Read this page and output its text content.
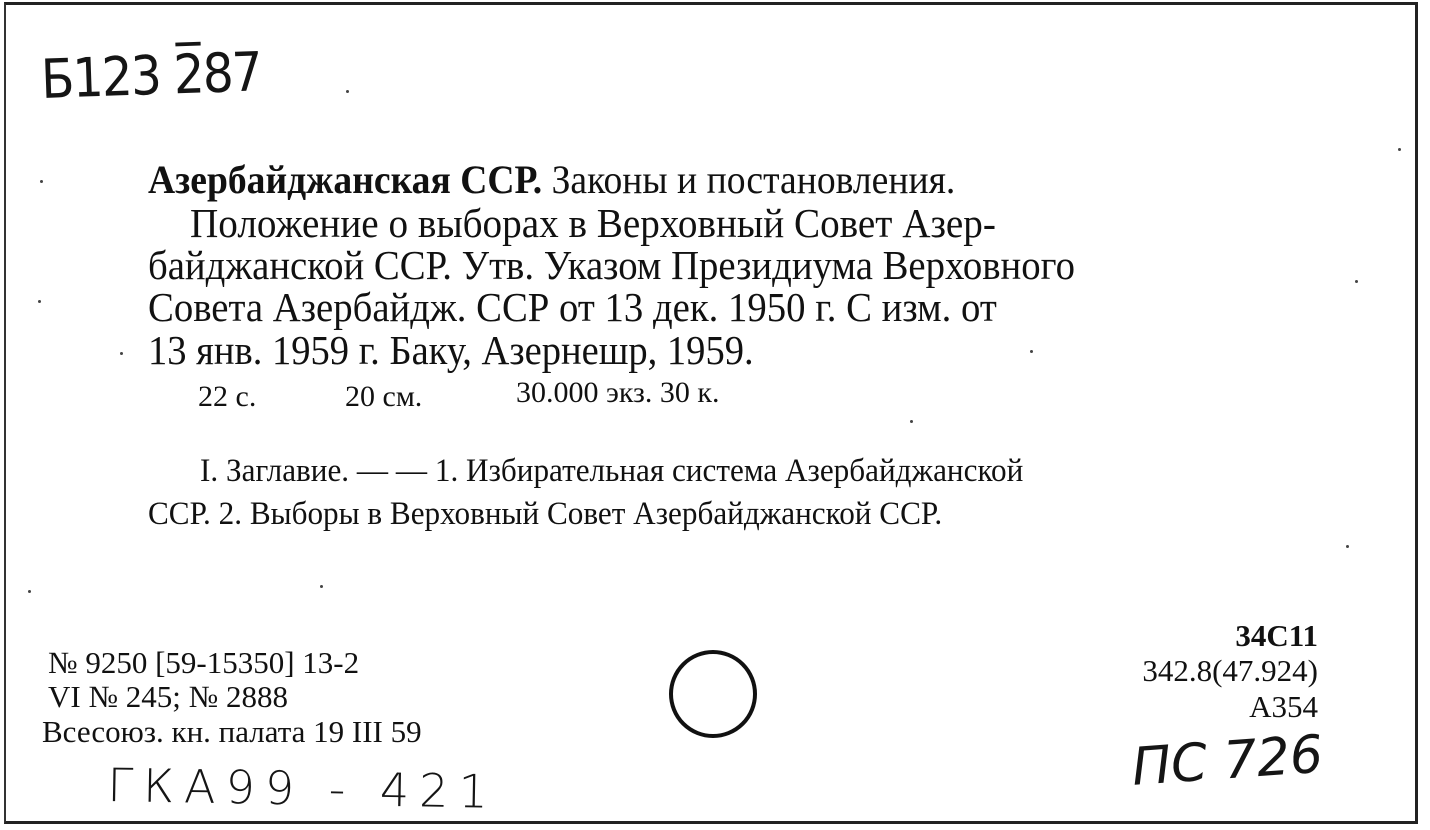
Б123 2̅87
Азербайджанская ССР. Законы и постановления.
Положение о выборах в Верховный Совет Азер-
байджанской ССР. Утв. Указом Президиума Верховного
Совета Азербайдж. ССР от 13 дек. 1950 г. С изм. от
13 янв. 1959 г. Баку, Азернешр, 1959.
22 с.	20 см.	30.000 экз. 30 к.
I. Заглавие. — — 1. Избирательная система Азербайджанской
ССР. 2. Выборы в Верховный Совет Азербайджанской ССР.
№ 9250 [59-15350] 13-2
VI № 245; № 2888
Всесоюз. кн. палата 19 III 59
34С11
342.8(47.924)
А354
ГКА99 - 421	ПС 726
